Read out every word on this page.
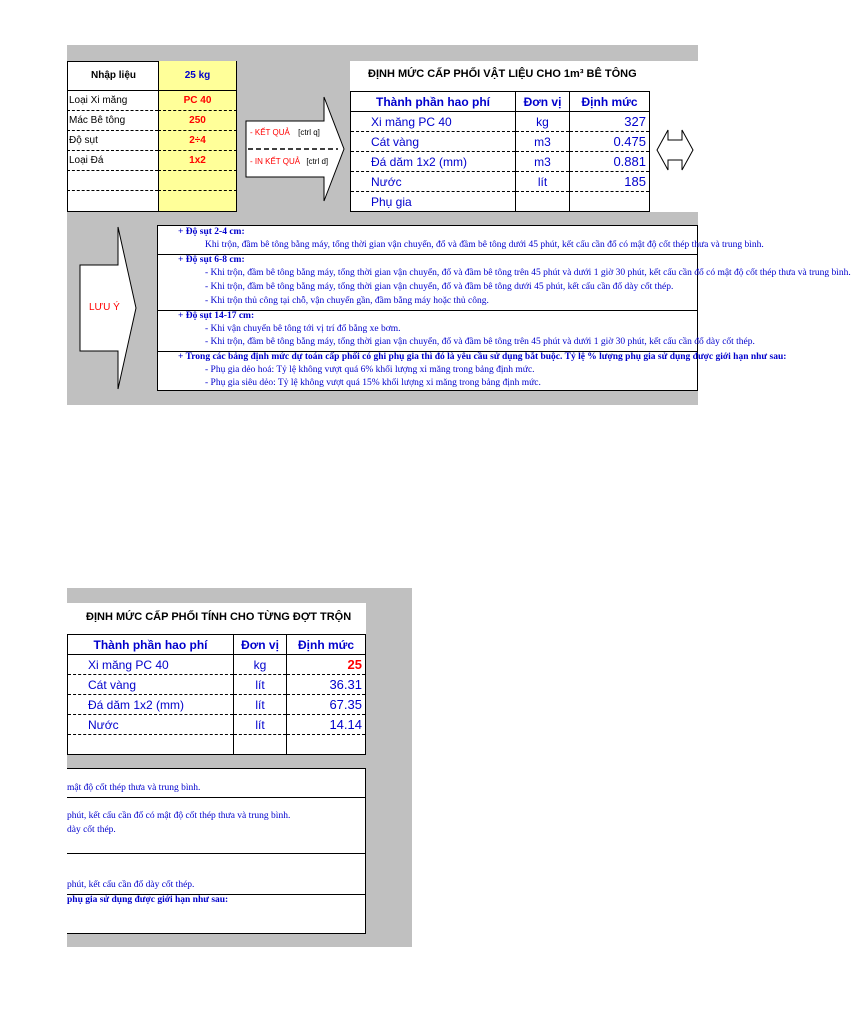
Nhập liệu	25 kg
Loại Xi măng	PC 40
Mác Bê tông	250
Độ sụt	2÷4
Loại Đá	1x2
- KẾT QUẢ [ctrl q]
- IN KẾT QUẢ [ctrl d]
ĐỊNH MỨC CẤP PHỐI VẬT LIỆU CHO 1m³ BÊ TÔNG
Thành phần hao phí	Đơn vị	Định mức
Xi măng PC 40	kg	327
Cát vàng	m3	0.475
Đá dăm 1x2 (mm)	m3	0.881
Nước	lít	185
Phụ gia		
LƯU Ý
+ Độ sụt 2-4 cm:
Khi trộn, đầm bê tông bằng máy, tổng thời gian vận chuyển, đổ và đầm bê tông dưới 45 phút, kết cấu cần đổ có mật độ cốt thép thưa và trung bình.
+ Độ sụt 6-8 cm:
- Khi trộn, đầm bê tông bằng máy, tổng thời gian vận chuyển, đổ và đầm bê tông trên 45 phút và dưới 1 giờ 30 phút, kết cấu cần đổ có mật độ cốt thép thưa và trung bình.
- Khi trộn, đầm bê tông bằng máy, tổng thời gian vận chuyển, đổ và đầm bê tông dưới 45 phút, kết cấu cần đổ dày cốt thép.
- Khi trộn thủ công tại chỗ, vận chuyển gần, đầm bằng máy hoặc thủ công.
+ Độ sụt 14-17 cm:
- Khi vận chuyển bê tông tới vị trí đổ bằng xe bơm.
- Khi trộn, đầm bê tông bằng máy, tổng thời gian vận chuyển, đổ và đầm bê tông trên 45 phút và dưới 1 giờ 30 phút, kết cấu cần đổ dày cốt thép.
+ Trong các bảng định mức dự toán cấp phối có ghi phụ gia thì đó là yêu cầu sử dụng bắt buộc. Tỷ lệ % lượng phụ gia sử dụng được giới hạn như sau:
- Phụ gia dẻo hoá: Tỷ lệ không vượt quá 6% khối lượng xi măng trong bảng định mức.
- Phụ gia siêu dẻo: Tỷ lệ không vượt quá 15% khối lượng xi măng trong bảng định mức.
ĐỊNH MỨC CẤP PHỐI TÍNH CHO TỪNG ĐỢT TRỘN
Thành phần hao phí	Đơn vị	Định mức
Xi măng PC 40	kg	25
Cát vàng	lít	36.31
Đá dăm 1x2 (mm)	lít	67.35
Nước	lít	14.14

mật độ cốt thép thưa và trung bình.
phút, kết cấu cần đổ có mật độ cốt thép thưa và trung bình.
dày cốt thép.
phút, kết cấu cần đổ dày cốt thép.
phụ gia sử dụng được giới hạn như sau:
